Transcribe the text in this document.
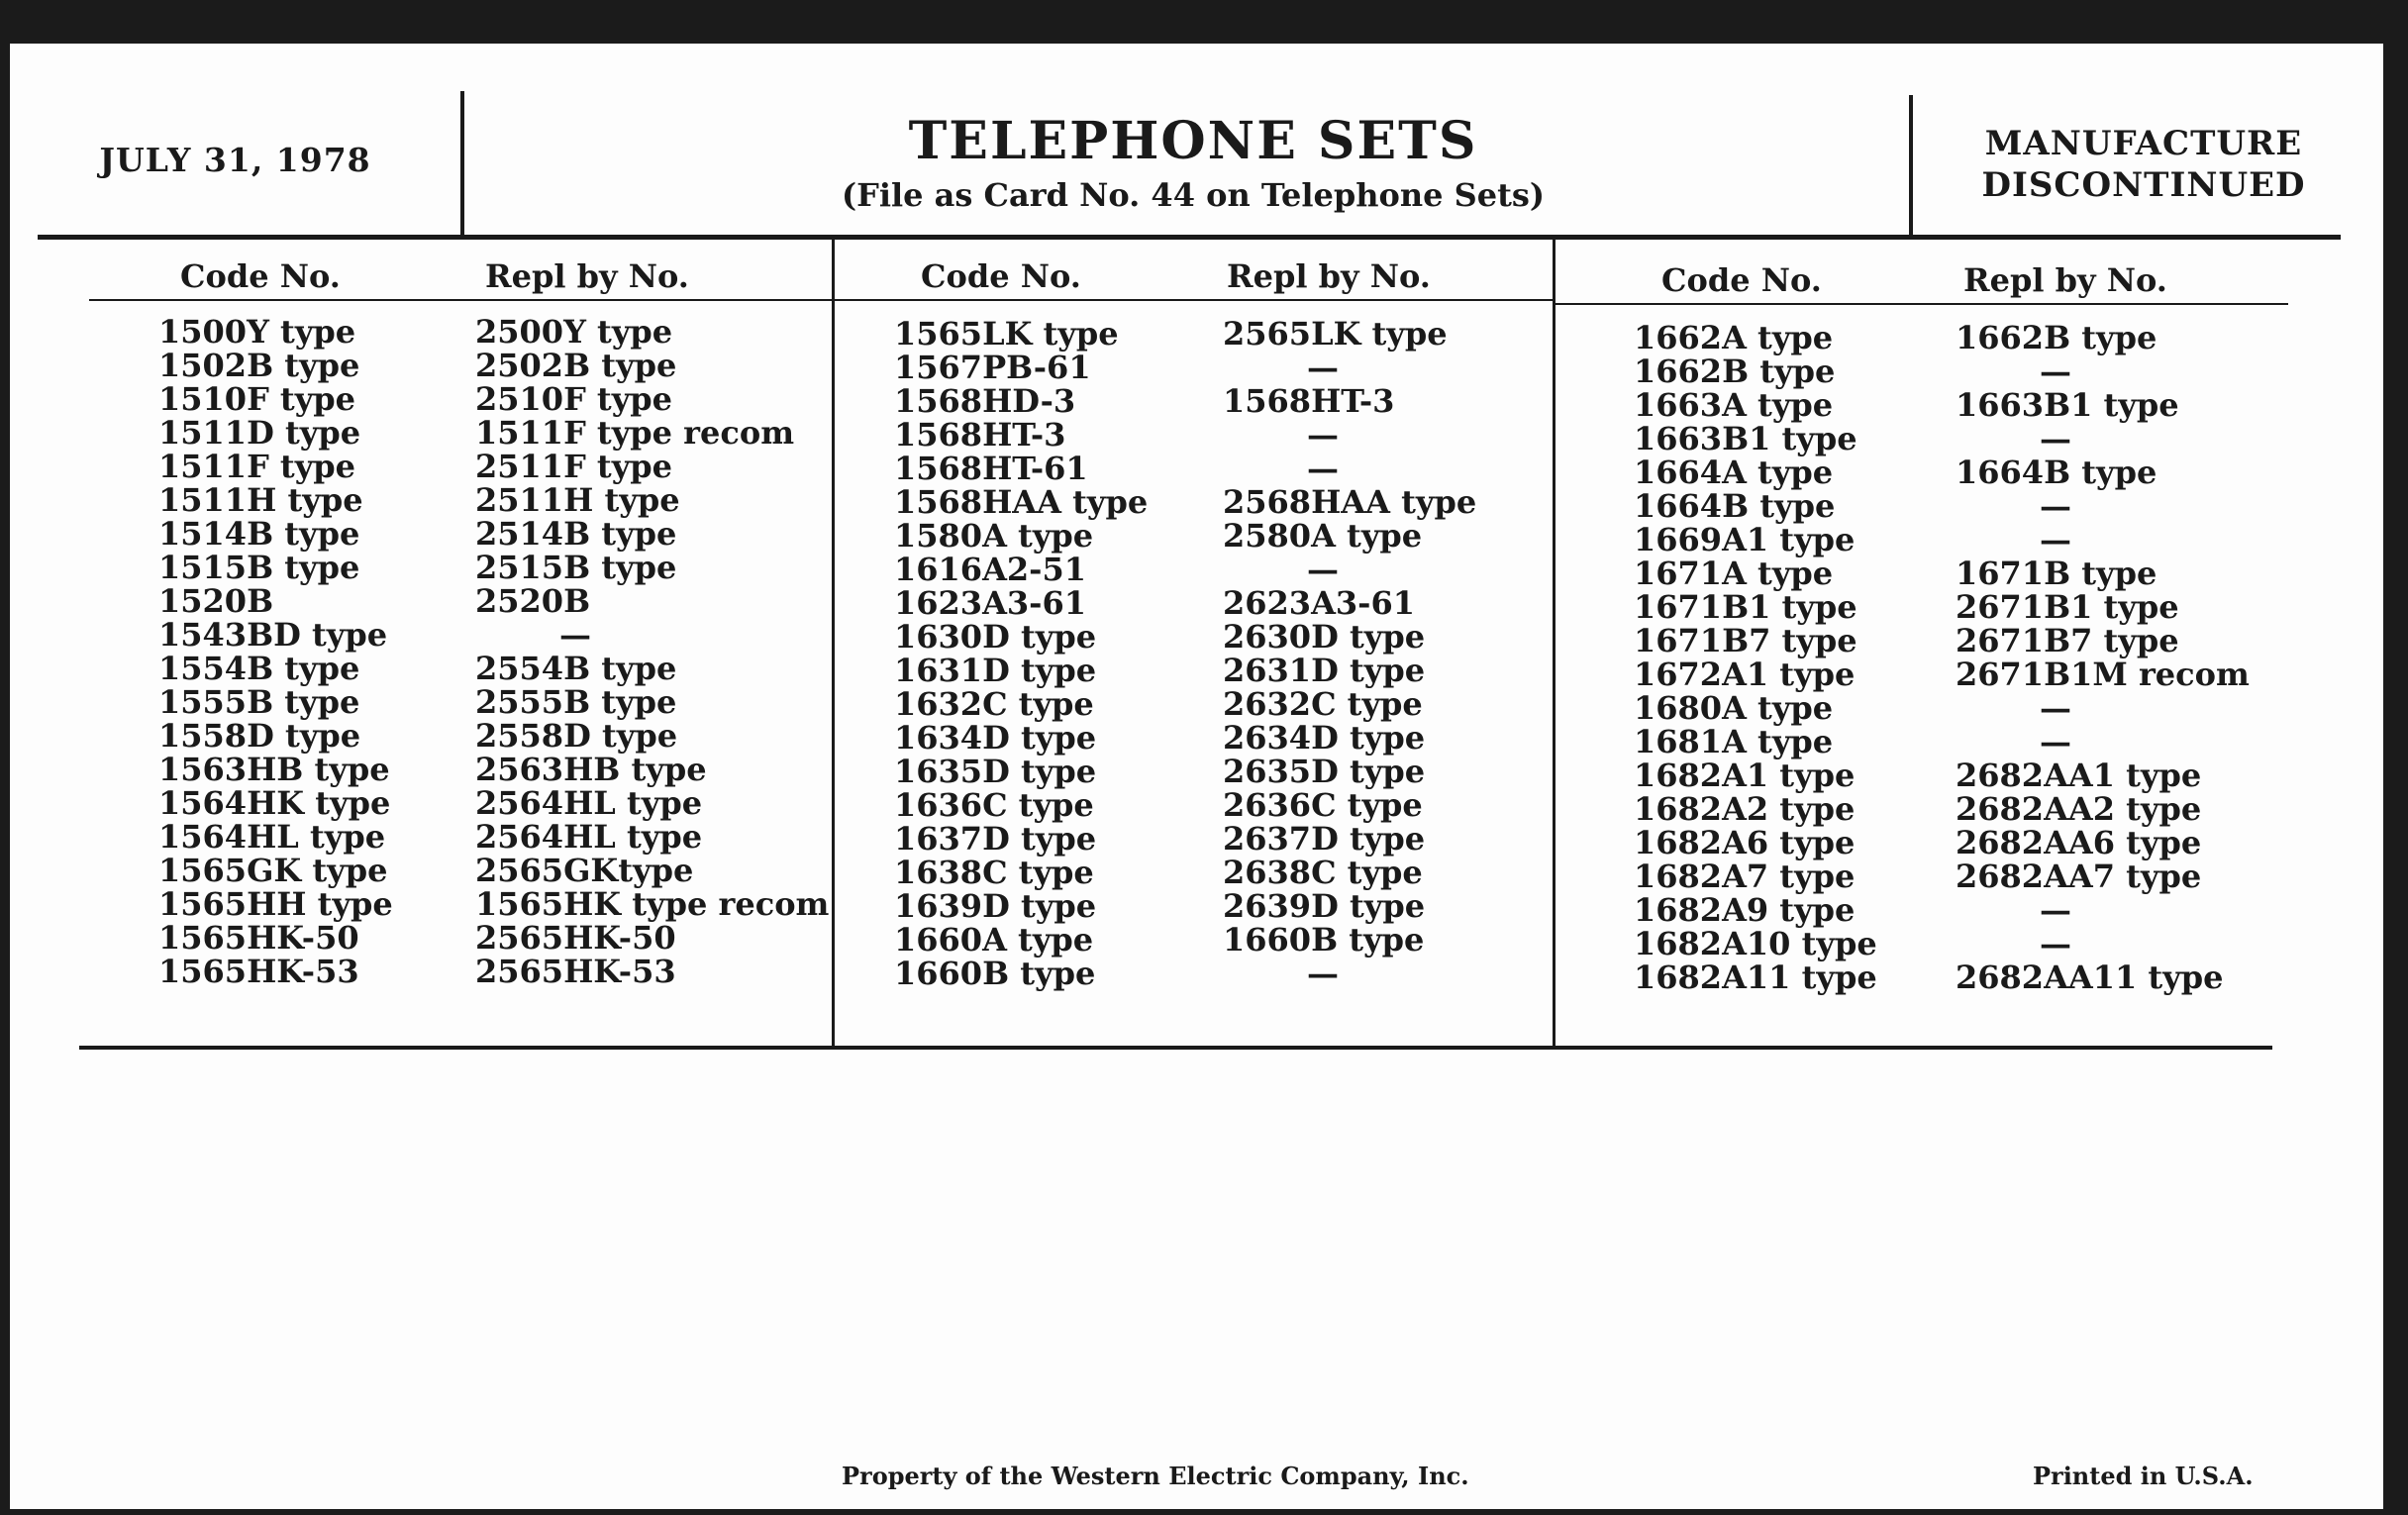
JULY 31, 1978	TELEPHONE SETS
(File as Card No. 44 on Telephone Sets)
MANUFACTURE
DISCONTINUED
Code No.	Repl by No.	Code No.	Repl by No.	Code No.	Repl by No.
1500Y type	2500Y type
1502B type	2502B type
1510F type	2510F type
1511D type	1511F type recom
1511F type	2511F type
1511H type	2511H type
1514B type	2514B type
1515B type	2515B type
1520B	2520B
1543BD type	—
1554B type	2554B type
1555B type	2555B type
1558D type	2558D type
1563HB type	2563HB type
1564HK type	2564HL type
1564HL type	2564HL type
1565GK type	2565GKtype
1565HH type	1565HK type recom
1565HK-50	2565HK-50
1565HK-53	2565HK-53
1565LK type	2565LK type
1567PB-61	—
1568HD-3	1568HT-3
1568HT-3	—
1568HT-61	—
1568HAA type 2568HAA type
1580A type	2580A type
1616A2-51	—
1623A3-61	2623A3-61
1630D type	2630D type
1631D type	2631D type
1632C type	2632C type
1634D type	2634D type
1635D type	2635D type
1636C type	2636C type
1637D type	2637D type
1638C type	2638C type
1639D type	2639D type
1660A type	1660B type
1660B type	—
1662A type	1662B type
1662B type	—
1663A type	1663B1 type
1663B1 type	—
1664A type	1664B type
1664B type	—
1669A1 type	—
1671A type	1671B type
1671B1 type	2671B1 type
1671B7 type	2671B7 type
1672A1 type	2671B1M recom
1680A type	—
1681A type	—
1682A1 type	2682AA1 type
1682A2 type	2682AA2 type
1682A6 type	2682AA6 type
1682A7 type	2682AA7 type
1682A9 type	—
1682A10 type	—
1682A11 type 2682AA11 type
Property of the Western Electric Company, Inc.	Printed in U.S.A.
